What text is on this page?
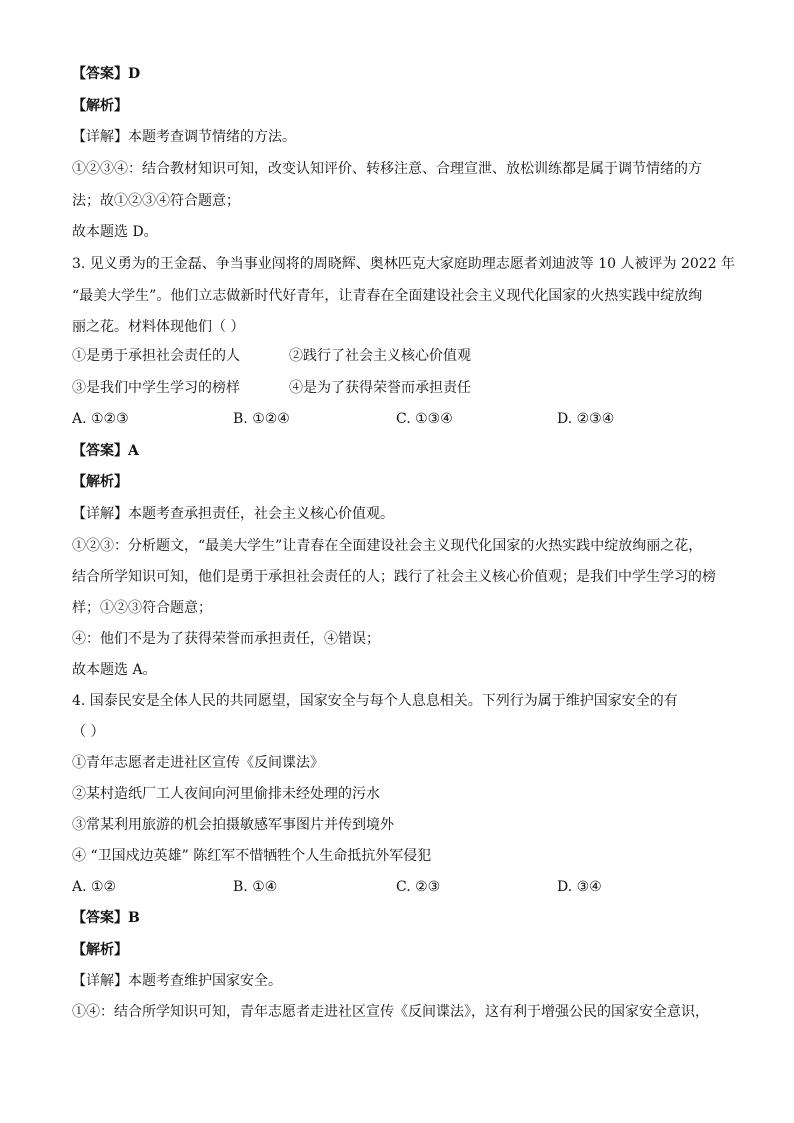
【答案】D
【解析】
【详解】本题考查调节情绪的方法。
①②③④：结合教材知识可知，改变认知评价、转移注意、合理宣泄、放松训练都是属于调节情绪的方
法；故①②③④符合题意；
故本题选 D。
3. 见义勇为的王金磊、争当事业闯将的周晓辉、奥林匹克大家庭助理志愿者刘迪波等 10 人被评为 2022 年
“最美大学生”。他们立志做新时代好青年，让青春在全面建设社会主义现代化国家的火热实践中绽放绚
丽之花。材料体现他们（ ）
①是勇于承担社会责任的人	②践行了社会主义核心价值观
③是我们中学生学习的榜样	④是为了获得荣誉而承担责任
A. ①②③	B. ①②④	C. ①③④	D. ②③④
【答案】A
【解析】
【详解】本题考查承担责任，社会主义核心价值观。
①②③：分析题文，“最美大学生”让青春在全面建设社会主义现代化国家的火热实践中绽放绚丽之花，
结合所学知识可知，他们是勇于承担社会责任的人；践行了社会主义核心价值观；是我们中学生学习的榜
样；①②③符合题意；
④：他们不是为了获得荣誉而承担责任，④错误；
故本题选 A。
4. 国泰民安是全体人民的共同愿望，国家安全与每个人息息相关。下列行为属于维护国家安全的有
（ ）
①青年志愿者走进社区宣传《反间谍法》
②某村造纸厂工人夜间向河里偷排未经处理的污水
③常某利用旅游的机会拍摄敏感军事图片并传到境外
④ “卫国戍边英雄” 陈红军不惜牺牲个人生命抵抗外军侵犯
A. ①②	B. ①④	C. ②③	D. ③④
【答案】B
【解析】
【详解】本题考查维护国家安全。
①④：结合所学知识可知，青年志愿者走进社区宣传《反间谍法》，这有利于增强公民的国家安全意识，
